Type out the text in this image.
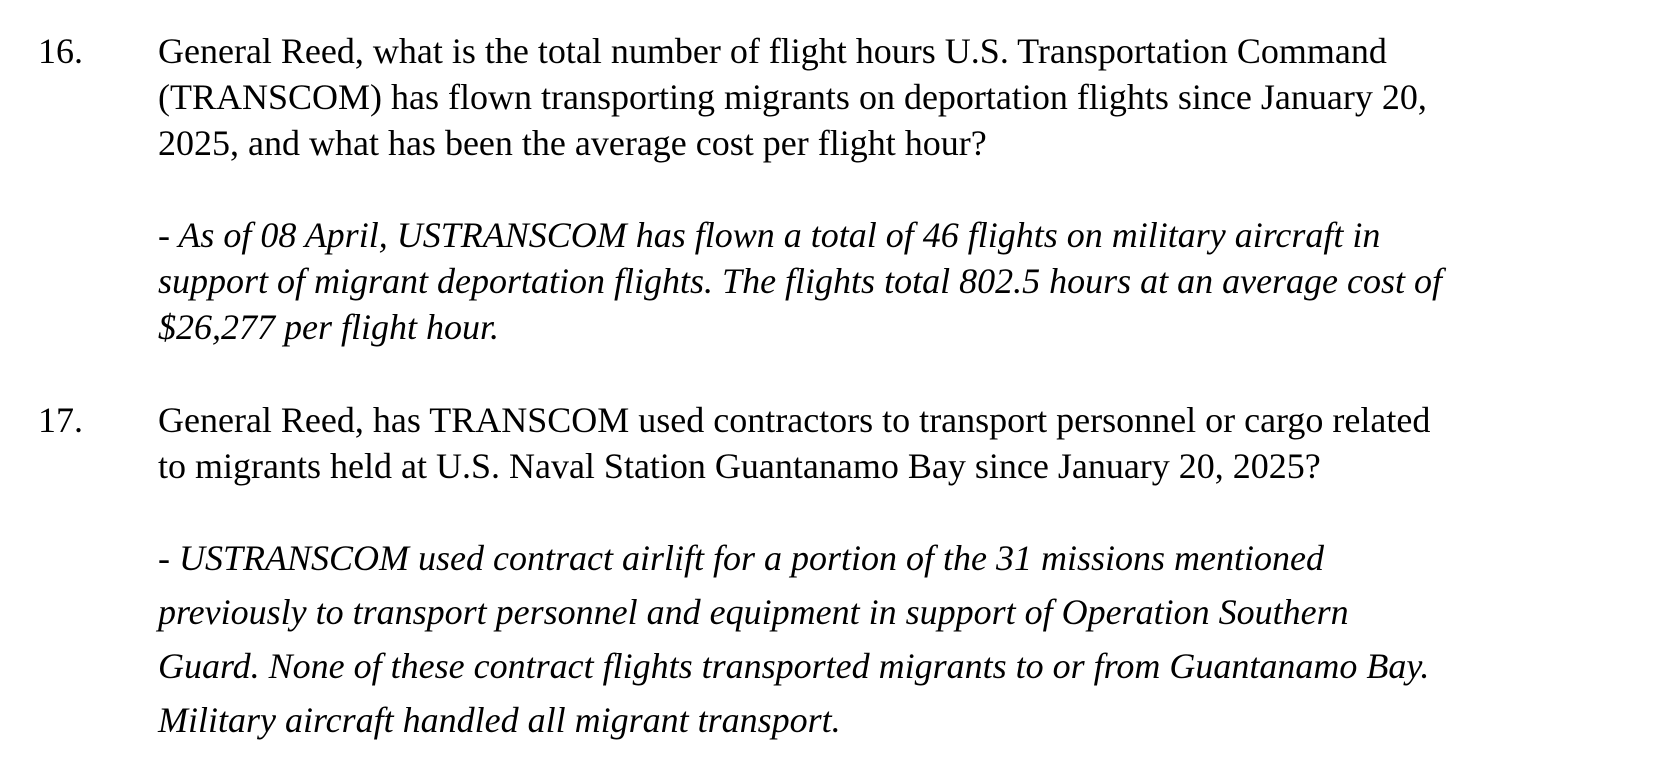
16. General Reed, what is the total number of flight hours U.S. Transportation Command
(TRANSCOM) has flown transporting migrants on deportation flights since January 20,
2025, and what has been the average cost per flight hour?

- As of 08 April, USTRANSCOM has flown a total of 46 flights on military aircraft in
support of migrant deportation flights. The flights total 802.5 hours at an average cost of
$26,277 per flight hour.

17. General Reed, has TRANSCOM used contractors to transport personnel or cargo related
to migrants held at U.S. Naval Station Guantanamo Bay since January 20, 2025?

- USTRANSCOM used contract airlift for a portion of the 31 missions mentioned
previously to transport personnel and equipment in support of Operation Southern
Guard. None of these contract flights transported migrants to or from Guantanamo Bay.
Military aircraft handled all migrant transport.
